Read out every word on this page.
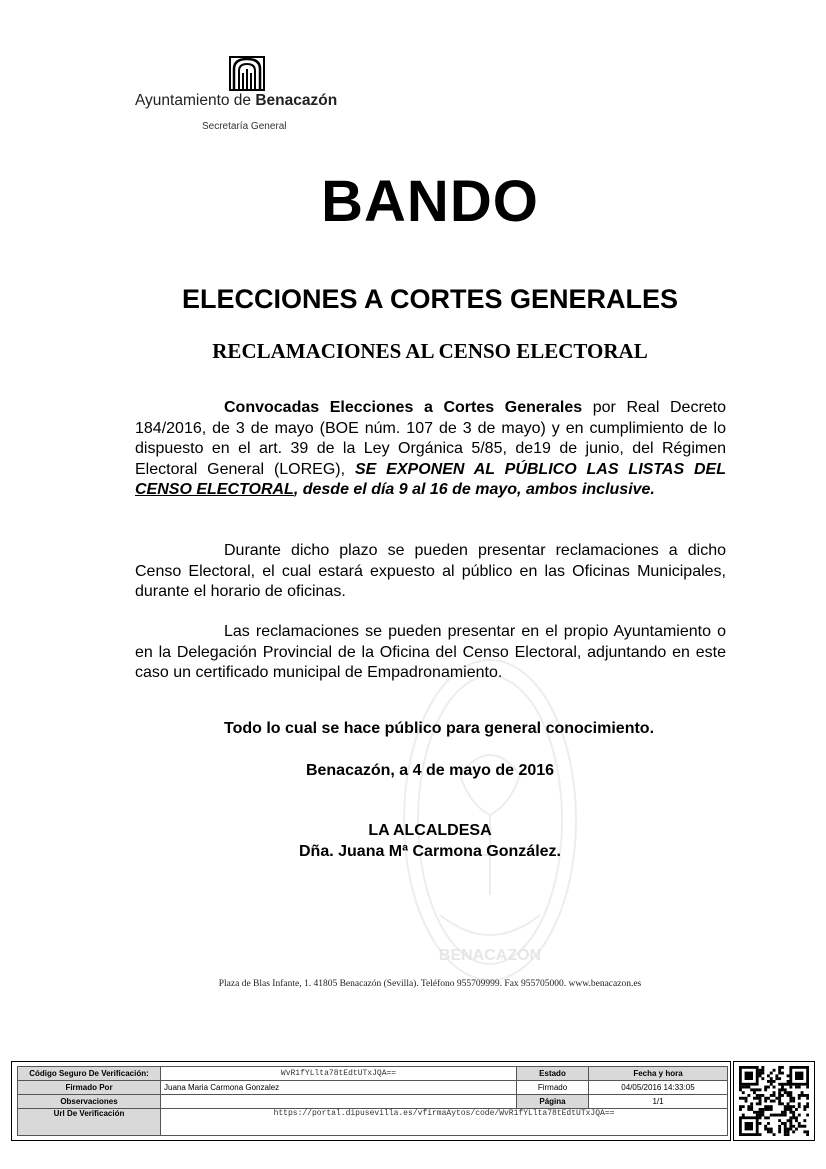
Ayuntamiento de Benacazón
Secretaría General
BENACAZÓN
BANDO
ELECCIONES A CORTES GENERALES
RECLAMACIONES AL CENSO ELECTORAL
Convocadas Elecciones a Cortes Generales por Real Decreto 184/2016, de 3 de mayo (BOE núm. 107 de 3 de mayo) y en cumplimiento de lo dispuesto en el art. 39 de la Ley Orgánica 5/85, de19 de junio, del Régimen Electoral General (LOREG), SE EXPONEN AL PÚBLICO LAS LISTAS DEL CENSO ELECTORAL, desde el día 9 al 16 de mayo, ambos inclusive.
Durante dicho plazo se pueden presentar reclamaciones a dicho Censo Electoral, el cual estará expuesto al público en las Oficinas Municipales, durante el horario de oficinas.
Las reclamaciones se pueden presentar en el propio Ayuntamiento o en la Delegación Provincial de la Oficina del Censo Electoral, adjuntando en este caso un certificado municipal de Empadronamiento.
Todo lo cual se hace público para general conocimiento.
Benacazón, a 4 de mayo de 2016
LA ALCALDESA
Dña. Juana Mª Carmona González.
Plaza de Blas Infante, 1. 41805 Benacazón (Sevilla). Teléfono 955709999. Fax 955705000. www.benacazon.es
Código Seguro De Verificación:	WvR1fYLlta78tEdtUTxJQA==	Estado	Fecha y hora
Firmado Por	Juana Maria Carmona Gonzalez	Firmado	04/05/2016 14:33:05
Observaciones		Página	1/1
Url De Verificación	https://portal.dipusevilla.es/vfirmaAytos/code/WvR1fYLlta78tEdtUTxJQA==		
